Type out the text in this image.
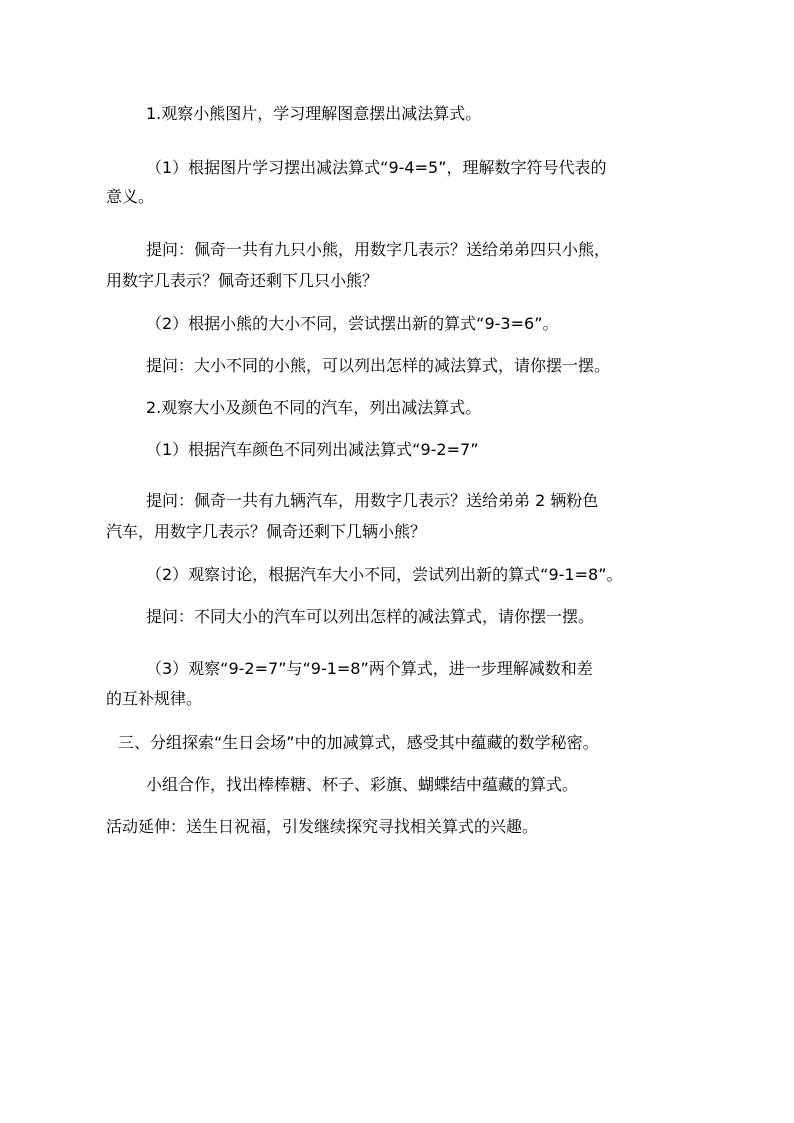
1.观察小熊图片，学习理解图意摆出减法算式。
（1）根据图片学习摆出减法算式“9-4=5”，理解数字符号代表的
意义。
提问：佩奇一共有九只小熊，用数字几表示？送给弟弟四只小熊，
用数字几表示？佩奇还剩下几只小熊？
（2）根据小熊的大小不同，尝试摆出新的算式“9-3=6”。
提问：大小不同的小熊，可以列出怎样的减法算式，请你摆一摆。
2.观察大小及颜色不同的汽车，列出减法算式。
（1）根据汽车颜色不同列出减法算式“9-2=7”
提问：佩奇一共有九辆汽车，用数字几表示？送给弟弟 2 辆粉色
汽车，用数字几表示？佩奇还剩下几辆小熊？
（2）观察讨论，根据汽车大小不同，尝试列出新的算式“9-1=8”。
提问：不同大小的汽车可以列出怎样的减法算式，请你摆一摆。
（3）观察“9-2=7”与“9-1=8”两个算式，进一步理解减数和差
的互补规律。
三、分组探索“生日会场”中的加减算式，感受其中蕴藏的数学秘密。
小组合作，找出棒棒糖、杯子、彩旗、蝴蝶结中蕴藏的算式。
活动延伸：送生日祝福，引发继续探究寻找相关算式的兴趣。
